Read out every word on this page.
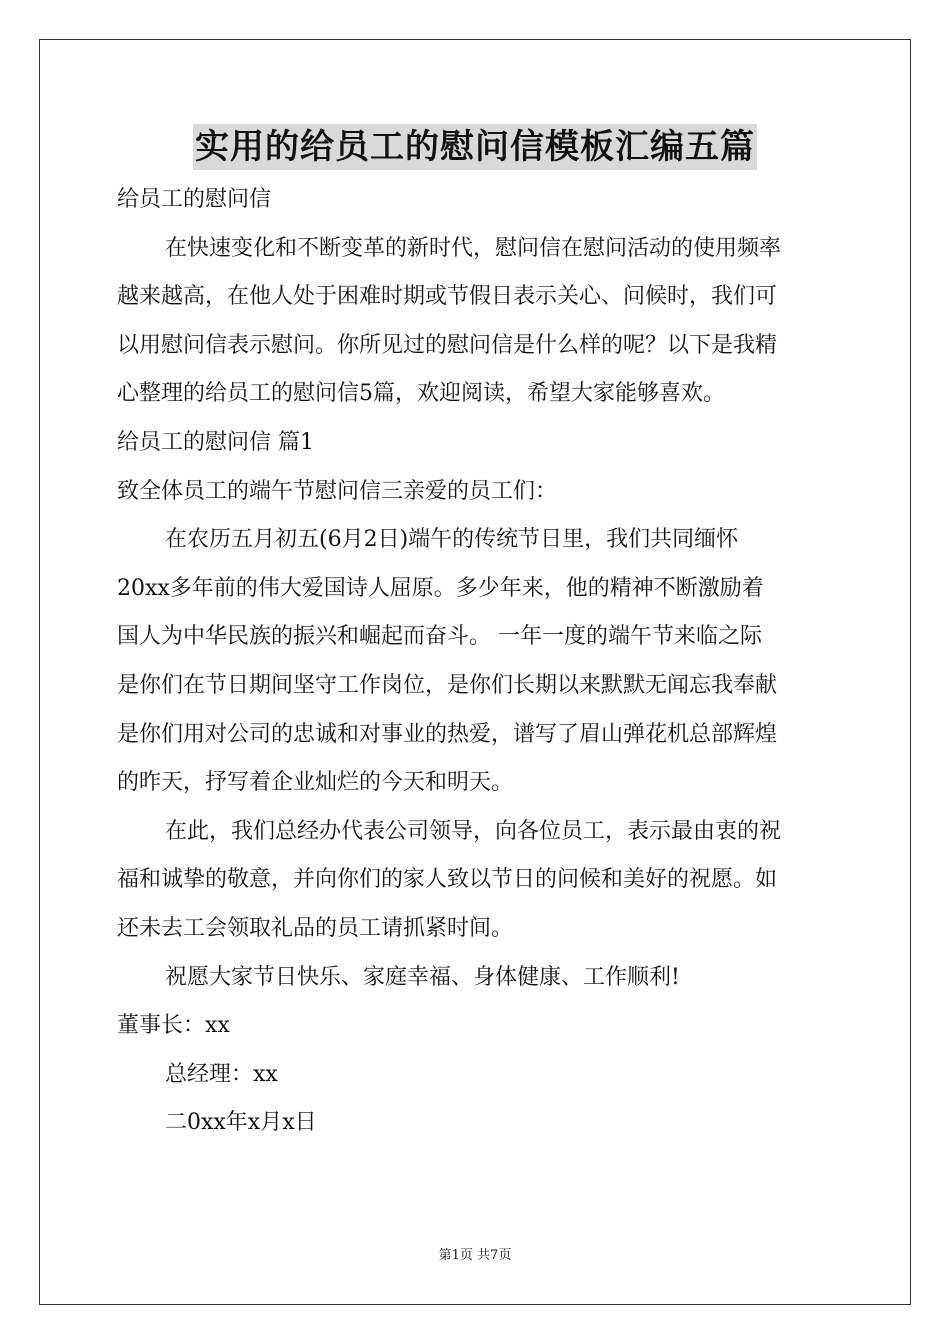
实用的给员工的慰问信模板汇编五篇
给员工的慰问信
在快速变化和不断变革的新时代，慰问信在慰问活动的使用频率
越来越高，在他人处于困难时期或节假日表示关心、问候时，我们可
以用慰问信表示慰问。你所见过的慰问信是什么样的呢？以下是我精
心整理的给员工的慰问信5篇，欢迎阅读，希望大家能够喜欢。
给员工的慰问信 篇1
致全体员工的端午节慰问信三亲爱的员工们：
在农历五月初五(6月2日)端午的传统节日里，我们共同缅怀
20xx多年前的伟大爱国诗人屈原。多少年来，他的精神不断激励着
国人为中华民族的振兴和崛起而奋斗。 一年一度的端午节来临之际
是你们在节日期间坚守工作岗位，是你们长期以来默默无闻忘我奉献
是你们用对公司的忠诚和对事业的热爱，谱写了眉山弹花机总部辉煌
的昨天，抒写着企业灿烂的今天和明天。
在此，我们总经办代表公司领导，向各位员工，表示最由衷的祝
福和诚挚的敬意，并向你们的家人致以节日的问候和美好的祝愿。如
还未去工会领取礼品的员工请抓紧时间。
祝愿大家节日快乐、家庭幸福、身体健康、工作顺利!
董事长：xx
总经理：xx
二0xx年x月x日
第1页 共7页
